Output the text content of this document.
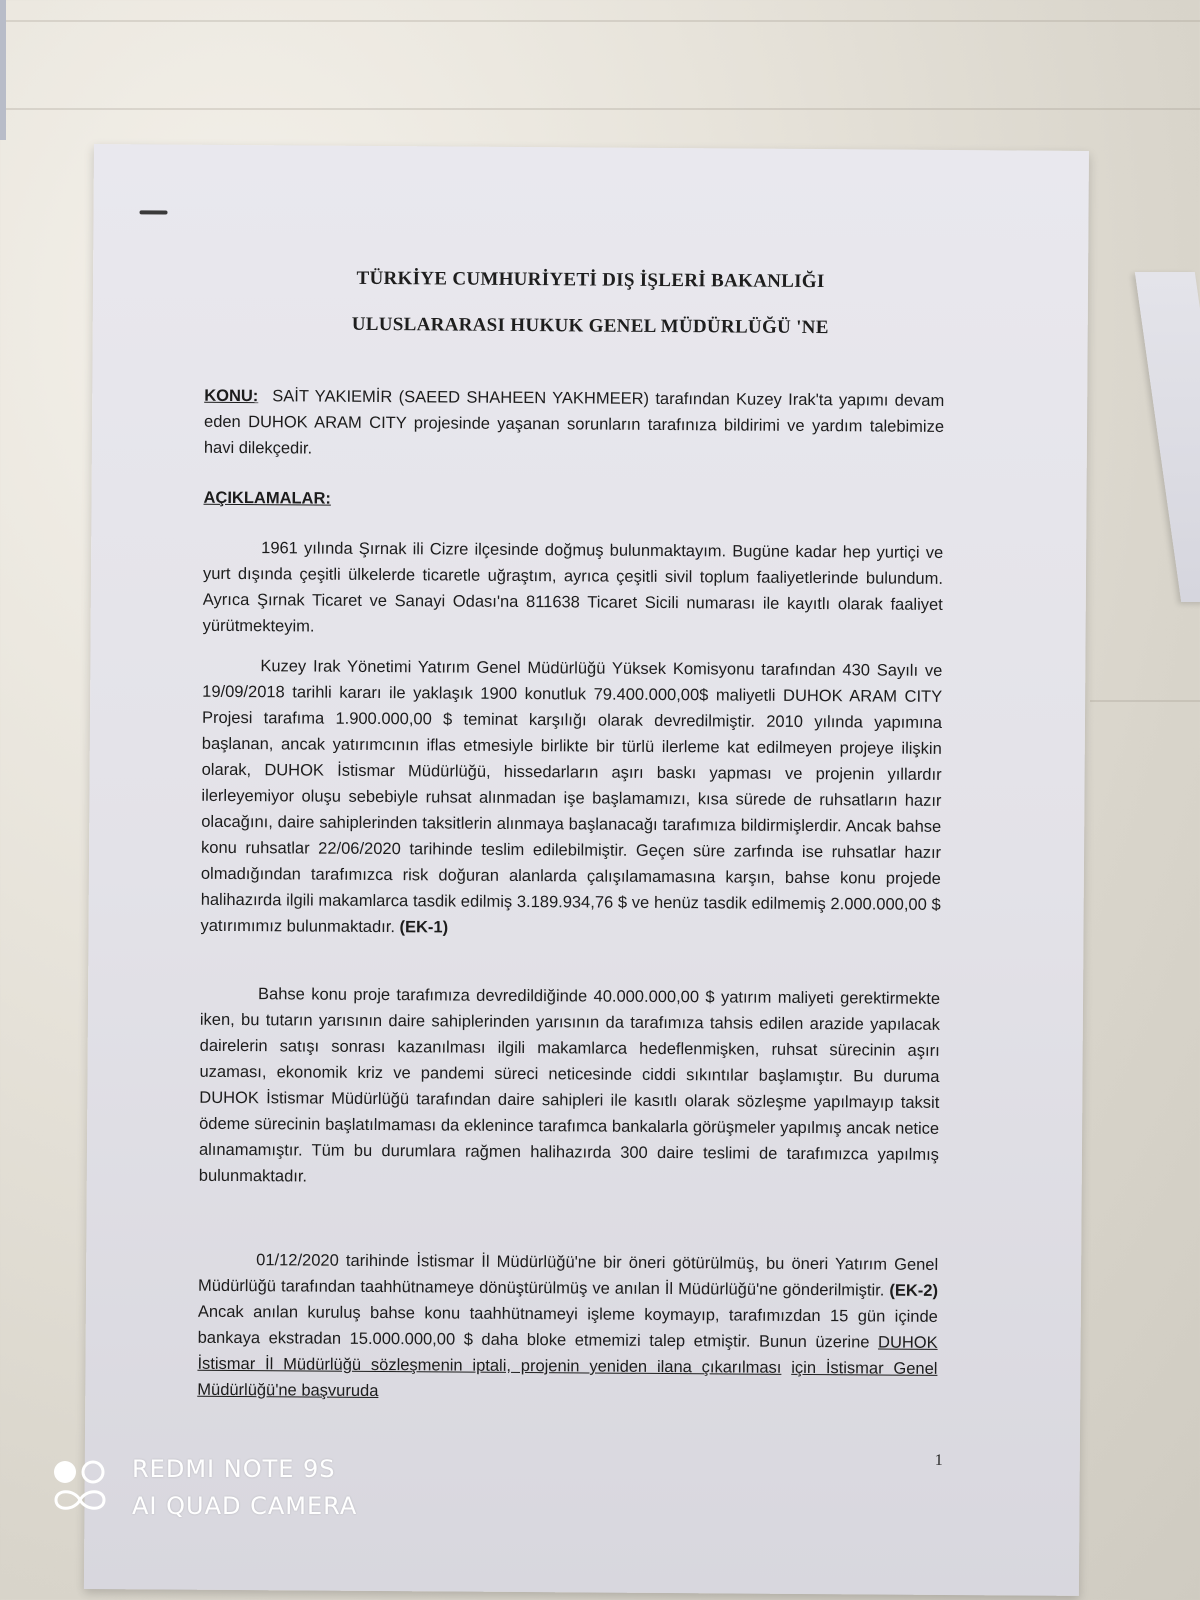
TÜRKİYE CUMHURİYETİ DIŞ İŞLERİ BAKANLIĞI
ULUSLARARASI HUKUK GENEL MÜDÜRLÜĞÜ 'NE
KONU: SAİT YAKIEMİR (SAEED SHAHEEN YAKHMEER) tarafından Kuzey Irak'ta yapımı devam eden DUHOK ARAM CITY projesinde yaşanan sorunların tarafınıza bildirimi ve yardım talebimize havi dilekçedir.
AÇIKLAMALAR:
1961 yılında Şırnak ili Cizre ilçesinde doğmuş bulunmaktayım. Bugüne kadar hep yurtiçi ve yurt dışında çeşitli ülkelerde ticaretle uğraştım, ayrıca çeşitli sivil toplum faaliyetlerinde bulundum. Ayrıca Şırnak Ticaret ve Sanayi Odası'na 811638 Ticaret Sicili numarası ile kayıtlı olarak faaliyet yürütmekteyim.
Kuzey Irak Yönetimi Yatırım Genel Müdürlüğü Yüksek Komisyonu tarafından 430 Sayılı ve 19/09/2018 tarihli kararı ile yaklaşık 1900 konutluk 79.400.000,00$ maliyetli DUHOK ARAM CITY Projesi tarafıma 1.900.000,00 $ teminat karşılığı olarak devredilmiştir. 2010 yılında yapımına başlanan, ancak yatırımcının iflas etmesiyle birlikte bir türlü ilerleme kat edilmeyen projeye ilişkin olarak, DUHOK İstismar Müdürlüğü, hissedarların aşırı baskı yapması ve projenin yıllardır ilerleyemiyor oluşu sebebiyle ruhsat alınmadan işe başlamamızı, kısa sürede de ruhsatların hazır olacağını, daire sahiplerinden taksitlerin alınmaya başlanacağı tarafımıza bildirmişlerdir. Ancak bahse konu ruhsatlar 22/06/2020 tarihinde teslim edilebilmiştir. Geçen süre zarfında ise ruhsatlar hazır olmadığından tarafımızca risk doğuran alanlarda çalışılamamasına karşın, bahse konu projede halihazırda ilgili makamlarca tasdik edilmiş 3.189.934,76 $ ve henüz tasdik edilmemiş 2.000.000,00 $ yatırımımız bulunmaktadır. (EK-1)
Bahse konu proje tarafımıza devredildiğinde 40.000.000,00 $ yatırım maliyeti gerektirmekte iken, bu tutarın yarısının daire sahiplerinden yarısının da tarafımıza tahsis edilen arazide yapılacak dairelerin satışı sonrası kazanılması ilgili makamlarca hedeflenmişken, ruhsat sürecinin aşırı uzaması, ekonomik kriz ve pandemi süreci neticesinde ciddi sıkıntılar başlamıştır. Bu duruma DUHOK İstismar Müdürlüğü tarafından daire sahipleri ile kasıtlı olarak sözleşme yapılmayıp taksit ödeme sürecinin başlatılmaması da eklenince tarafımca bankalarla görüşmeler yapılmış ancak netice alınamamıştır. Tüm bu durumlara rağmen halihazırda 300 daire teslimi de tarafımızca yapılmış bulunmaktadır.
01/12/2020 tarihinde İstismar İl Müdürlüğü'ne bir öneri götürülmüş, bu öneri Yatırım Genel Müdürlüğü tarafından taahhütnameye dönüştürülmüş ve anılan İl Müdürlüğü'ne gönderilmiştir. (EK-2) Ancak anılan kuruluş bahse konu taahhütnameyi işleme koymayıp, tarafımızdan 15 gün içinde bankaya ekstradan 15.000.000,00 $ daha bloke etmemizi talep etmiştir. Bunun üzerine DUHOK İstismar İl Müdürlüğü sözleşmenin iptali, projenin yeniden ilana çıkarılması için İstismar Genel Müdürlüğü'ne başvuruda
1
REDMI NOTE 9S
AI QUAD CAMERA
